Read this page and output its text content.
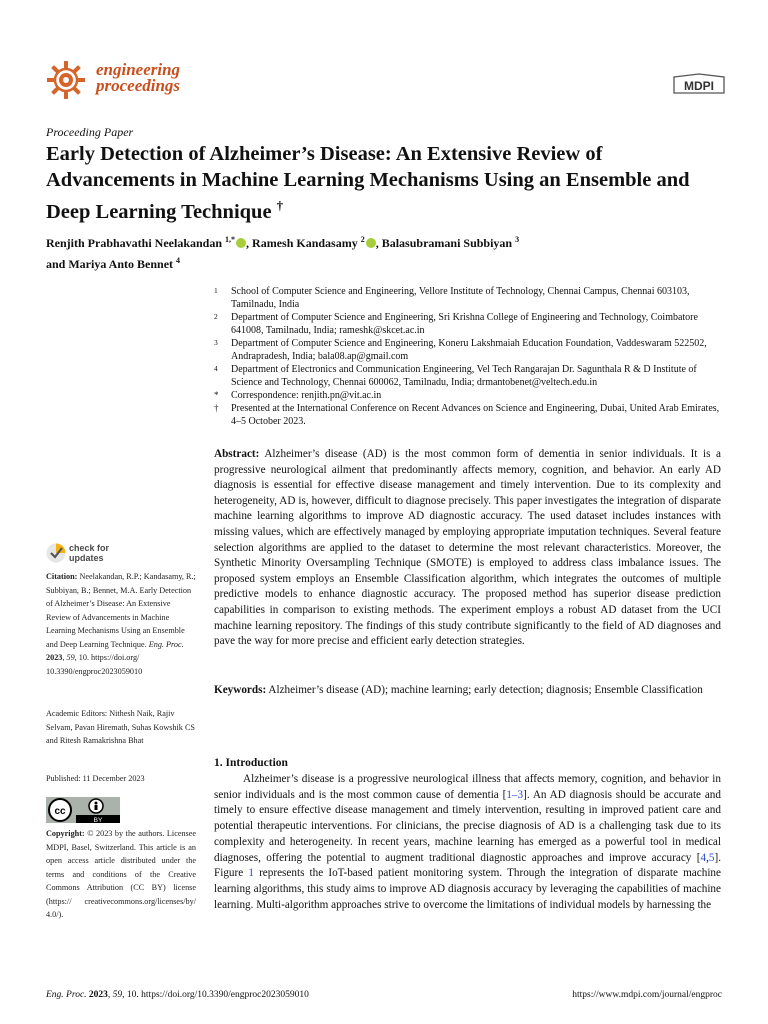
engineering
proceedings	MDPI
Proceeding Paper
Early Detection of Alzheimer’s Disease: An Extensive Review of Advancements in Machine Learning Mechanisms Using an Ensemble and Deep Learning Technique †
Renjith Prabhavathi Neelakandan $^{1,*}$ , Ramesh Kandasamy $^2$ , Balasubramani Subbiyan $^3$
and Mariya Anto Bennet $^4$
1 School of Computer Science and Engineering, Vellore Institute of Technology, Chennai Campus, Chennai 603103, Tamilnadu, India
2 Department of Computer Science and Engineering, Sri Krishna College of Engineering and Technology, Coimbatore 641008, Tamilnadu, India; rameshk@skcet.ac.in
3 Department of Computer Science and Engineering, Koneru Lakshmaiah Education Foundation, Vaddeswaram 522502, Andrapradesh, India; bala08.ap@gmail.com
4 Department of Electronics and Communication Engineering, Vel Tech Rangarajan Dr. Sagunthala R & D Institute of Science and Technology, Chennai 600062, Tamilnadu, India; drmantobenet@veltech.edu.in
* Correspondence: renjith.pn@vit.ac.in
† Presented at the International Conference on Recent Advances on Science and Engineering, Dubai, United Arab Emirates, 4–5 October 2023.
Abstract: Alzheimer’s disease (AD) is the most common form of dementia in senior individuals. It is a progressive neurological ailment that predominantly affects memory, cognition, and behavior. An early AD diagnosis is essential for effective disease management and timely intervention. Due to its complexity and heterogeneity, AD is, however, difficult to diagnose precisely. This paper investigates the integration of disparate machine learning algorithms to improve AD diagnostic accuracy. The used dataset includes instances with missing values, which are effectively managed by employing appropriate imputation techniques. Several feature selection algorithms are applied to the dataset to determine the most relevant characteristics. Moreover, the Synthetic Minority Oversampling Technique (SMOTE) is employed to address class imbalance issues. The proposed system employs an Ensemble Classification algorithm, which integrates the outcomes of multiple predictive models to enhance diagnostic accuracy. The proposed method has superior disease prediction capabilities in comparison to existing methods. The experiment employs a robust AD dataset from the UCI machine learning repository. The findings of this study contribute significantly to the field of AD diagnoses and pave the way for more precise and efficient early detection strategies.
Keywords: Alzheimer’s disease (AD); machine learning; early detection; diagnosis; Ensemble Classification
check for
updates
Citation: Neelakandan, R.P.; Kandasamy, R.; Subbiyan, B.; Bennet, M.A. Early Detection of Alzheimer’s Disease: An Extensive Review of Advancements in Machine Learning Mechanisms Using an Ensemble and Deep Learning Technique. Eng. Proc.
2023, 59, 10. https://doi.org/ 10.3390/engproc2023059010
Academic Editors: Nithesh Naik, Rajiv Selvam, Pavan Hiremath, Suhas Kowshik CS and Ritesh Ramakrishna Bhat
Published: 11 December 2023
cc
BY
Copyright: © 2023 by the authors. Licensee MDPI, Basel, Switzerland. This article is an open access article distributed under the terms and conditions of the Creative Commons Attribution (CC BY) license (https:// creativecommons.org/licenses/by/ 4.0/).
1. Introduction

Alzheimer’s disease is a progressive neurological illness that affects memory, cognition, and behavior in senior individuals and is the most common cause of dementia [1–3]. An AD diagnosis should be accurate and timely to ensure effective disease management and timely intervention, resulting in improved patient care and potential therapeutic interventions. For clinicians, the precise diagnosis of AD is a challenging task due to its complexity and heterogeneity. In recent years, machine learning has emerged as a powerful tool in medical diagnoses, offering the potential to augment traditional diagnostic approaches and improve accuracy [4,5]. Figure 1 represents the IoT-based patient monitoring system. Through the integration of disparate machine learning algorithms, this study aims to improve AD diagnosis accuracy by leveraging the capabilities of machine learning. Multi-algorithm approaches strive to overcome the limitations of individual models by harnessing the

Eng. Proc. 2023, 59, 10. https://doi.org/10.3390/engproc2023059010	https://www.mdpi.com/journal/engproc
